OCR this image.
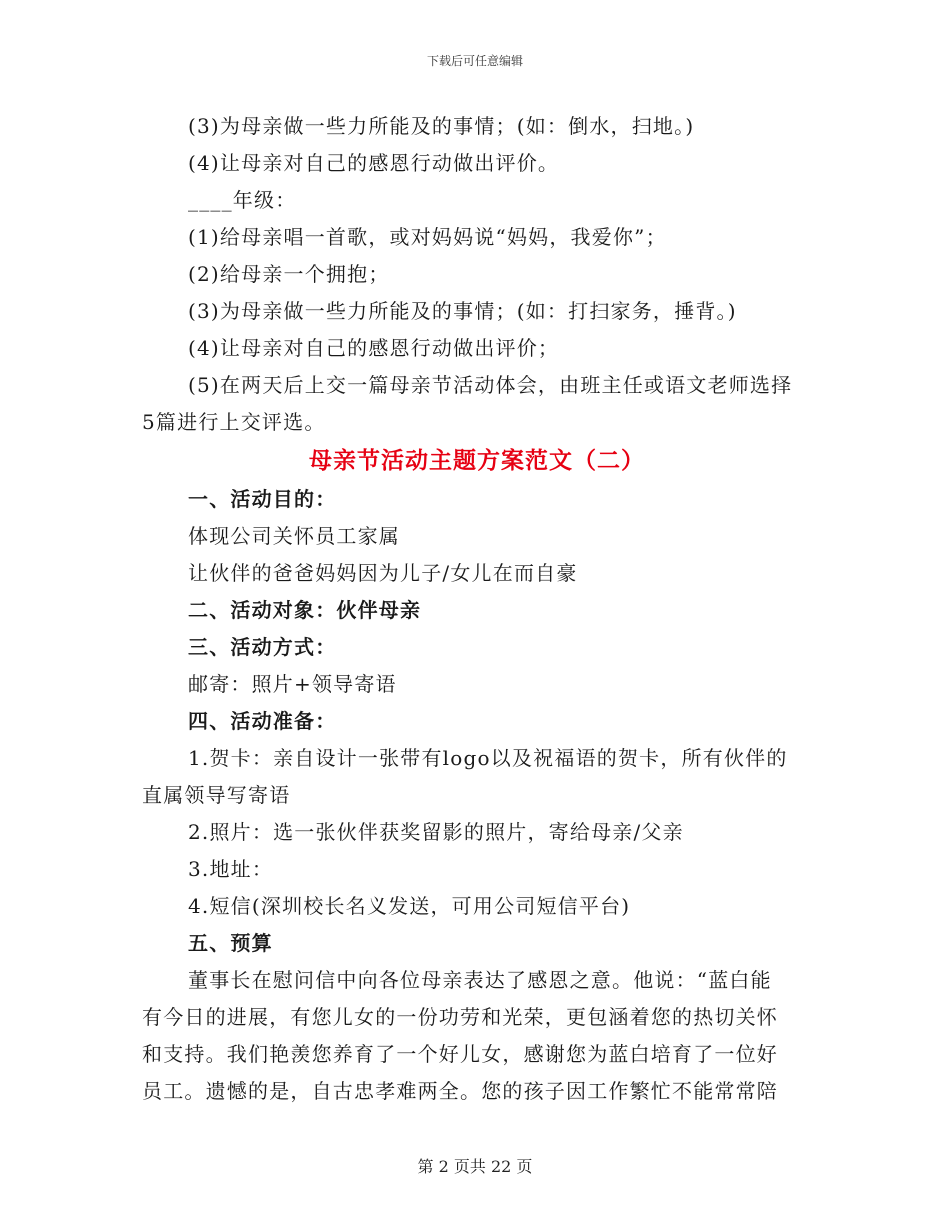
下载后可任意编辑
(3)为母亲做一些力所能及的事情；(如：倒水，扫地。)
(4)让母亲对自己的感恩行动做出评价。
____年级：
(1)给母亲唱一首歌，或对妈妈说“妈妈，我爱你”；
(2)给母亲一个拥抱；
(3)为母亲做一些力所能及的事情；(如：打扫家务，捶背。)
(4)让母亲对自己的感恩行动做出评价；
(5)在两天后上交一篇母亲节活动体会，由班主任或语文老师选择
5篇进行上交评选。
母亲节活动主题方案范文（二）
一、活动目的：
体现公司关怀员工家属
让伙伴的爸爸妈妈因为儿子/女儿在而自豪
二、活动对象：伙伴母亲
三、活动方式：
邮寄：照片+领导寄语
四、活动准备：
1.贺卡：亲自设计一张带有logo以及祝福语的贺卡，所有伙伴的
直属领导写寄语
2.照片：选一张伙伴获奖留影的照片，寄给母亲/父亲
3.地址：
4.短信(深圳校长名义发送，可用公司短信平台)
五、预算
董事长在慰问信中向各位母亲表达了感恩之意。他说：“蓝白能
有今日的进展，有您儿女的一份功劳和光荣，更包涵着您的热切关怀
和支持。我们艳羡您养育了一个好儿女，感谢您为蓝白培育了一位好
员工。遗憾的是，自古忠孝难两全。您的孩子因工作繁忙不能常常陪
第 2 页共 22 页
